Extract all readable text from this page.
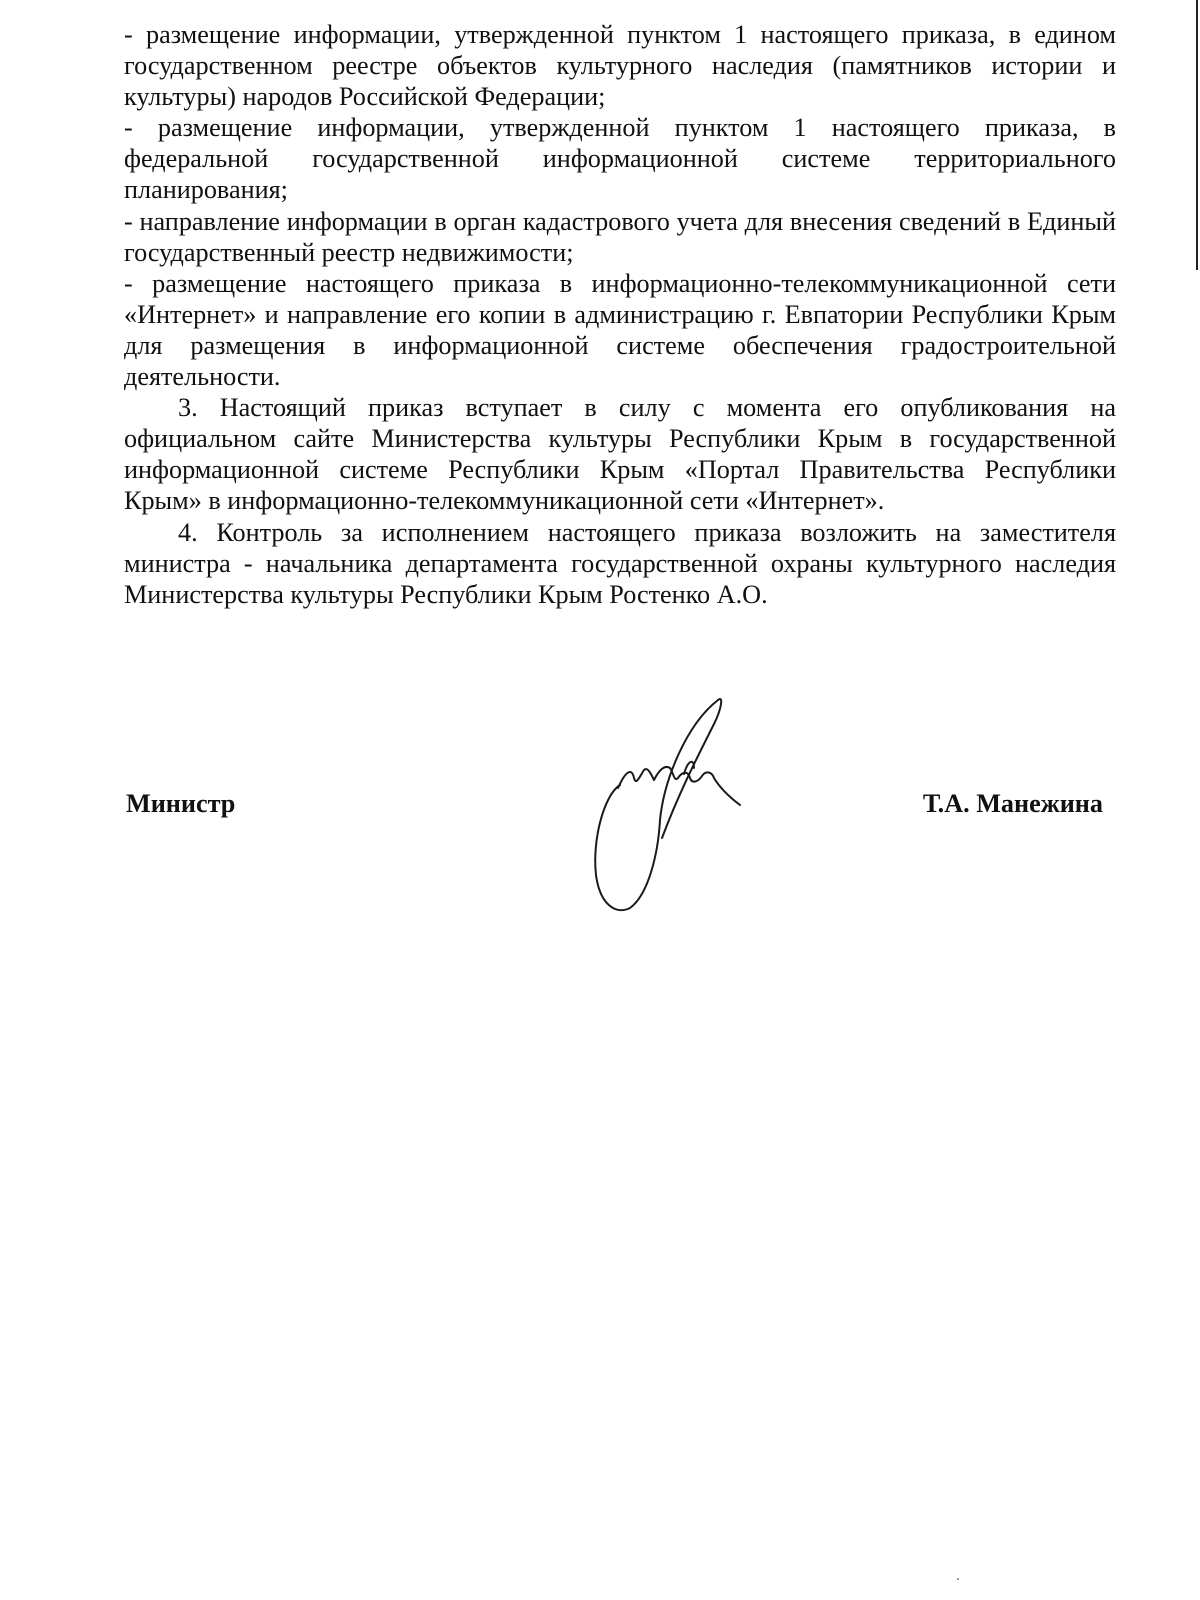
- размещение информации, утвержденной пунктом 1 настоящего приказа, в едином государственном реестре объектов культурного наследия (памятников истории и культуры) народов Российской Федерации;

- размещение информации, утвержденной пунктом 1 настоящего приказа, в федеральной государственной информационной системе территориального планирования;

- направление информации в орган кадастрового учета для внесения сведений в Единый государственный реестр недвижимости;

- размещение настоящего приказа в информационно-телекоммуникационной сети «Интернет» и направление его копии в администрацию г. Евпатории Республики Крым для размещения в информационной системе обеспечения градостроительной деятельности.

3. Настоящий приказ вступает в силу с момента его опубликования на официальном сайте Министерства культуры Республики Крым в государственной информационной системе Республики Крым «Портал Правительства Республики Крым» в информационно-телекоммуникационной сети «Интернет».

4. Контроль за исполнением настоящего приказа возложить на заместителя министра - начальника департамента государственной охраны культурного наследия Министерства культуры Республики Крым Ростенко А.О.

Министр	Т.А. Манежина
